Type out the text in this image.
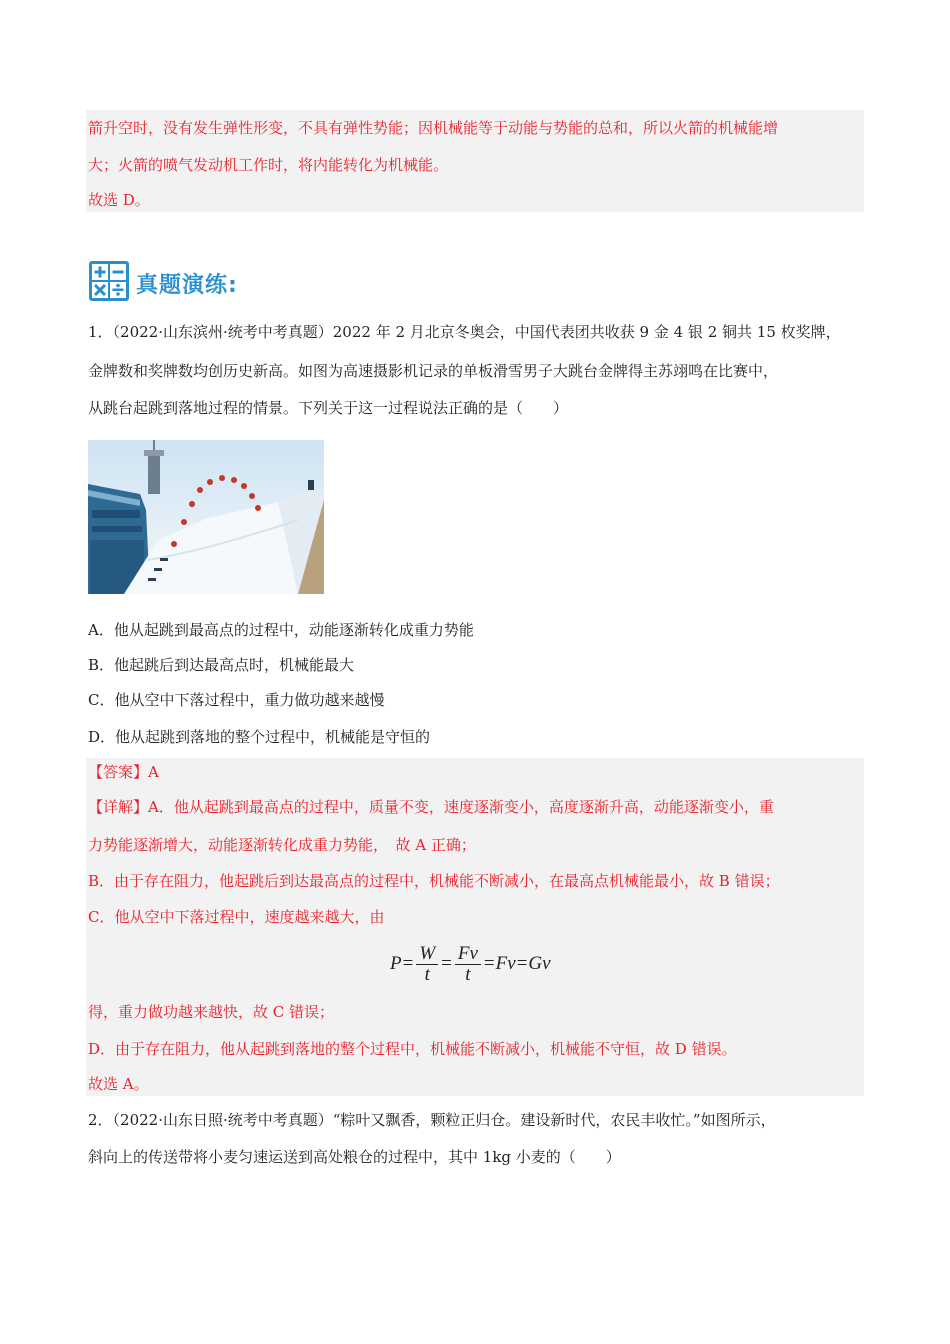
箭升空时，没有发生弹性形变，不具有弹性势能；因机械能等于动能与势能的总和，所以火箭的机械能增
大；火箭的喷气发动机工作时，将内能转化为机械能。
故选 D。
真题演练:
1．（2022·山东滨州·统考中考真题）2022 年 2 月北京冬奥会，中国代表团共收获 9 金 4 银 2 铜共 15 枚奖牌，
金牌数和奖牌数均创历史新高。如图为高速摄影机记录的单板滑雪男子大跳台金牌得主苏翊鸣在比赛中，
从跳台起跳到落地过程的情景。下列关于这一过程说法正确的是（　　）
A．他从起跳到最高点的过程中，动能逐渐转化成重力势能
B．他起跳后到达最高点时，机械能最大
C．他从空中下落过程中，重力做功越来越慢
D．他从起跳到落地的整个过程中，机械能是守恒的
【答案】A
【详解】A．他从起跳到最高点的过程中，质量不变，速度逐渐变小，高度逐渐升高，动能逐渐变小，重
力势能逐渐增大，动能逐渐转化成重力势能，　故 A 正确；
B．由于存在阻力，他起跳后到达最高点的过程中，机械能不断减小，在最高点机械能最小，故 B 错误；
C．他从空中下落过程中，速度越来越大，由
$P = \frac{W}{t} = \frac{Fv}{t} = Fv = Gv$
得，重力做功越来越快，故 C 错误；
D．由于存在阻力，他从起跳到落地的整个过程中，机械能不断减小，机械能不守恒，故 D 错误。
故选 A。
2．（2022·山东日照·统考中考真题）“粽叶又飘香，颗粒正归仓。建设新时代，农民丰收忙。”如图所示，
斜向上的传送带将小麦匀速运送到高处粮仓的过程中，其中 1kg 小麦的（　　）
